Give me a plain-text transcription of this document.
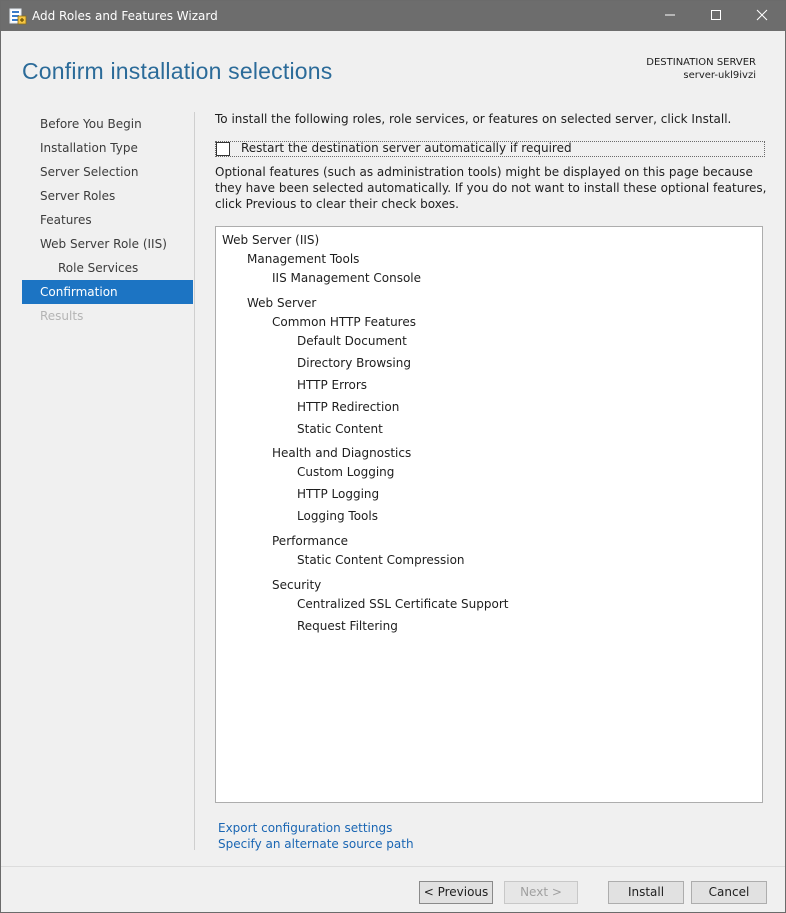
Add Roles and Features Wizard
Confirm installation selections	DESTINATION SERVER
server-ukl9ivzi
Before You Begin
Installation Type
Server Selection
Server Roles
Features
Web Server Role (IIS)
Role Services
Confirmation
Results
To install the following roles, role services, or features on selected server, click Install.
Restart the destination server automatically if required
Optional features (such as administration tools) might be displayed on this page because they have been selected automatically. If you do not want to install these optional features, click Previous to clear their check boxes.
Web Server (IIS)
Management Tools
IIS Management Console
Web Server
Common HTTP Features
Default Document
Directory Browsing
HTTP Errors
HTTP Redirection
Static Content
Health and Diagnostics
Custom Logging
HTTP Logging
Logging Tools
Performance
Static Content Compression
Security
Centralized SSL Certificate Support
Request Filtering
Export configuration settings
Specify an alternate source path
< Previous	Next >	Install	Cancel
